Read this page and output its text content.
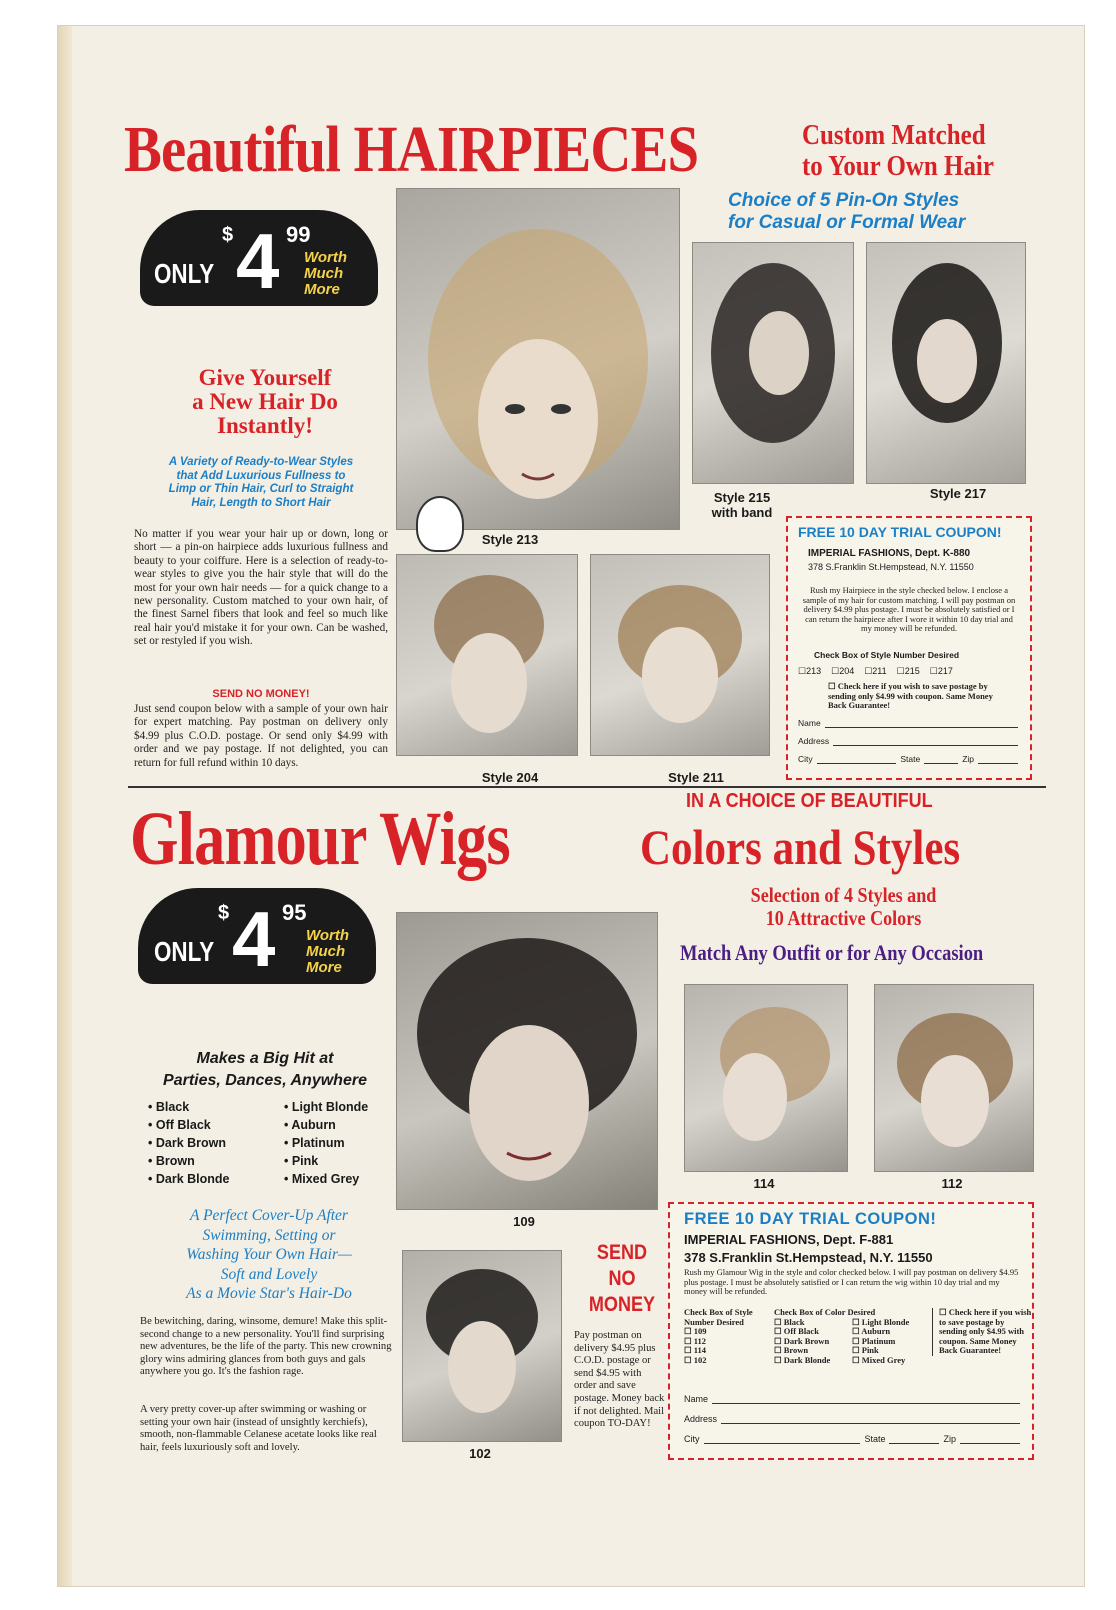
Beautiful HAIRPIECES	Custom Matched
to Your Own Hair
Choice of 5 Pin-On Styles
for Casual or Formal Wear
ONLY
$ 4 99
Worth
Much
More
Give Yourself
a New Hair Do
Instantly!
A Variety of Ready-to-Wear Styles
that Add Luxurious Fullness to
Limp or Thin Hair, Curl to Straight
Hair, Length to Short Hair
No matter if you wear your hair up or down, long or short — a pin-on hairpiece adds luxurious fullness and beauty to your coiffure. Here is a selection of ready-to-wear styles to give you the hair style that will do the most for your own hair needs — for a quick change to a new personality. Custom matched to your own hair, of the finest Sarnel fibers that look and feel so much like real hair you'd mistake it for your own. Can be washed, set or restyled if you wish.
SEND NO MONEY!
Just send coupon below with a sample of your own hair for expert matching. Pay postman on delivery only $4.99 plus C.O.D. postage. Or send only $4.99 with order and we pay postage. If not delighted, you can return for full refund within 10 days.
Style 213
Style 215
with band
Style 217
Style 204	Style 211
FREE 10 DAY TRIAL COUPON!
IMPERIAL FASHIONS, Dept. K-880
378 S.Franklin St.Hempstead, N.Y. 11550
Rush my Hairpiece in the style checked below. I enclose a sample of my hair for custom matching. I will pay postman on delivery $4.99 plus postage. I must be absolutely satisfied or I can return the hairpiece after I wore it within 10 day trial and my money will be refunded.
Check Box of Style Number Desired
☐213 ☐204 ☐211 ☐215 ☐217
☐ Check here if you wish to save postage by sending only $4.99 with coupon. Same Money Back Guarantee!
Name
Address
City	State	Zip
Glamour Wigs	IN A CHOICE OF BEAUTIFUL
Colors and Styles
Selection of 4 Styles and
10 Attractive Colors
Match Any Outfit or for Any Occasion
ONLY
$ 4 95
Worth
Much
More
Makes a Big Hit at
Parties, Dances, Anywhere
• Black
• Off Black
• Dark Brown
• Brown
• Dark Blonde
• Light Blonde
• Auburn
• Platinum
• Pink
• Mixed Grey
A Perfect Cover-Up After
Swimming, Setting or
Washing Your Own Hair—
Soft and Lovely
As a Movie Star's Hair-Do
Be bewitching, daring, winsome, demure! Make this split-second change to a new personality. You'll find surprising new adventures, be the life of the party. This new crowning glory wins admiring glances from both guys and gals anywhere you go. It's the fashion rage.
A very pretty cover-up after swimming or washing or setting your own hair (instead of unsightly kerchiefs), smooth, non-flammable Celanese acetate looks like real hair, feels luxuriously soft and lovely.
109
114	112
102
SEND
NO
MONEY
Pay postman on delivery $4.95 plus C.O.D. postage or send $4.95 with order and save postage. Money back if not delighted. Mail coupon TO-DAY!
FREE 10 DAY TRIAL COUPON!
IMPERIAL FASHIONS, Dept. F-881
378 S.Franklin St.Hempstead, N.Y. 11550
Rush my Glamour Wig in the style and color checked below. I will pay postman on delivery $4.95 plus postage. I must be absolutely satisfied or I can return the wig within 10 day trial and my money will be refunded.
Check Box of Style Number Desired
☐ 109
☐ 112
☐ 114
☐ 102
Check Box of Color Desired
☐ Black
☐ Off Black
☐ Dark Brown
☐ Brown
☐ Dark Blonde
☐ Light Blonde
☐ Auburn
☐ Platinum
☐ Pink
☐ Mixed Grey
☐ Check here if you wish to save postage by sending only $4.95 with coupon. Same Money Back Guarantee!
Name
Address
City	State	Zip
